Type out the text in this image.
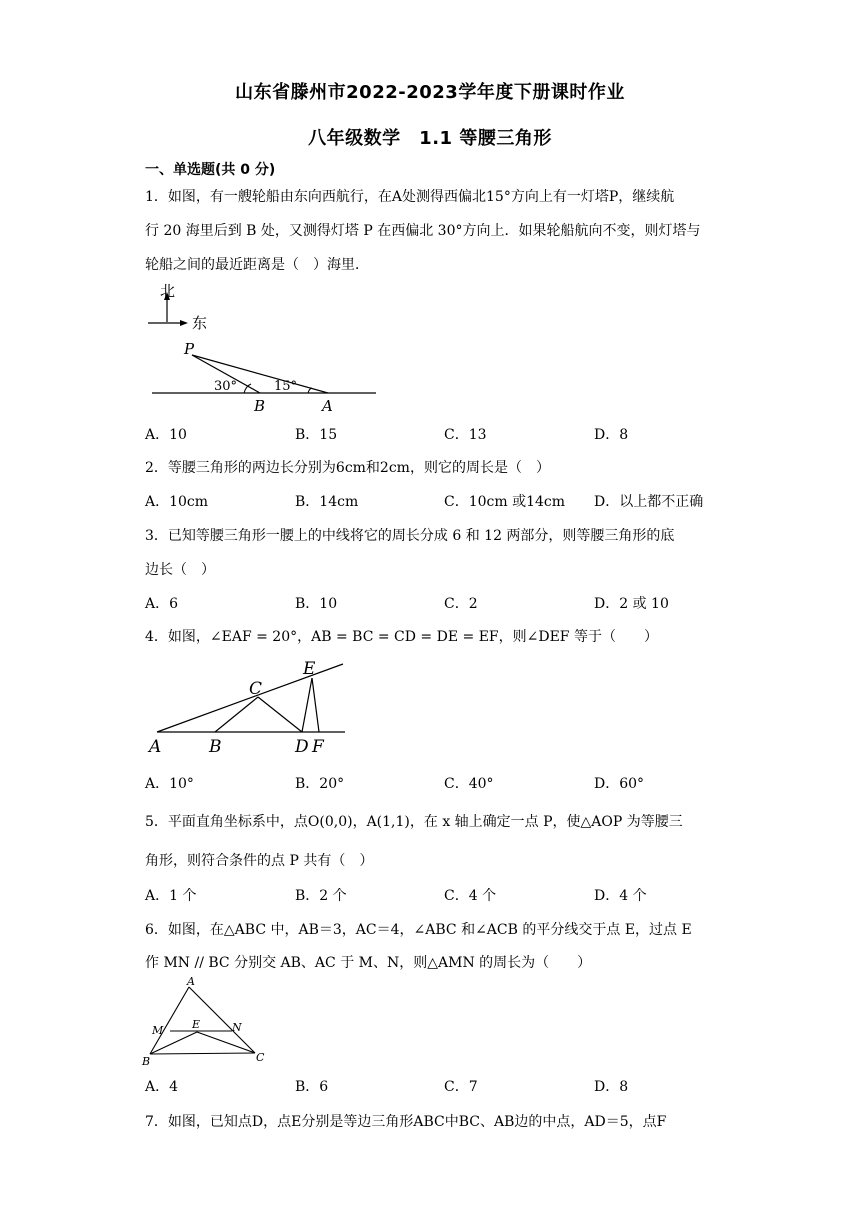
山东省滕州市2022-2023学年度下册课时作业
八年级数学　1.1 等腰三角形
一、单选题(共 0 分)
1．如图，有一艘轮船由东向西航行，在A处测得西偏北15°方向上有一灯塔P，继续航
行 20 海里后到 B 处，又测得灯塔 P 在西偏北 30°方向上．如果轮船航向不变，则灯塔与
轮船之间的最近距离是（　）海里．
北
东
P
B	A
30°	15°
A．10	B．15	C．13	D．8
2．等腰三角形的两边长分别为6cm和2cm，则它的周长是（　）
A．10cm	B．14cm	C．10cm 或14cm D．以上都不正确
3．已知等腰三角形一腰上的中线将它的周长分成 6 和 12 两部分，则等腰三角形的底
边长（　）
A．6	B．10	C．2	D．2 或 10
4．如图，∠EAF = 20°，AB = BC = CD = DE = EF，则∠DEF 等于（　　）
A	B
C
D
E
F
A．10°	B．20°	C．40°	D．60°
5．平面直角坐标系中，点O(0,0)，A(1,1)，在 x 轴上确定一点 P，使△AOP 为等腰三
角形，则符合条件的点 P 共有（　）
A．1 个	B．2 个	C．4 个	D．4 个
6．如图，在△ABC 中，AB＝3，AC＝4，∠ABC 和∠ACB 的平分线交于点 E，过点 E
作 MN // BC 分别交 AB、AC 于 M、N，则△AMN 的周长为（　　）
A
M	E	N
B	C
A．4	B．6	C．7	D．8
7．如图，已知点D，点E分别是等边三角形ABC中BC、AB边的中点，AD＝5，点F
